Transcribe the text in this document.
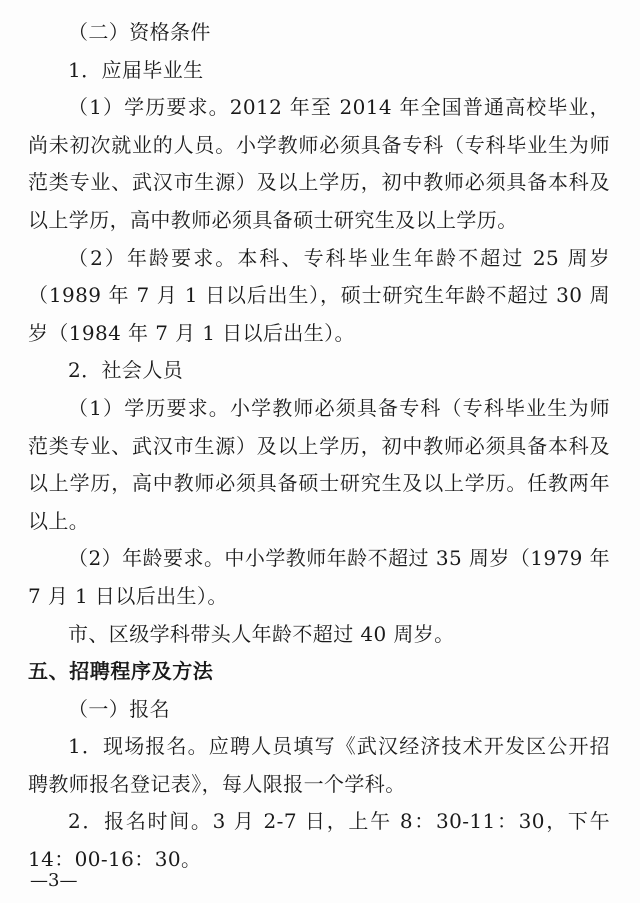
（二）资格条件

1．应届毕业生

（1）学历要求。2012 年至 2014 年全国普通高校毕业，尚未初次就业的人员。小学教师必须具备专科（专科毕业生为师范类专业、武汉市生源）及以上学历，初中教师必须具备本科及以上学历，高中教师必须具备硕士研究生及以上学历。

（2）年龄要求。本科、专科毕业生年龄不超过 25 周岁（1989 年 7 月 1 日以后出生），硕士研究生年龄不超过 30 周岁（1984 年 7 月 1 日以后出生）。

2．社会人员

（1）学历要求。小学教师必须具备专科（专科毕业生为师范类专业、武汉市生源）及以上学历，初中教师必须具备本科及以上学历，高中教师必须具备硕士研究生及以上学历。任教两年以上。

（2）年龄要求。中小学教师年龄不超过 35 周岁（1979 年 7 月 1 日以后出生）。

市、区级学科带头人年龄不超过 40 周岁。

五、招聘程序及方法

（一）报名

1．现场报名。应聘人员填写《武汉经济技术开发区公开招聘教师报名登记表》，每人限报一个学科。

2．报名时间。3 月 2-7 日，上午 8：30-11：30，下午 14：00-16：30。

—3—
